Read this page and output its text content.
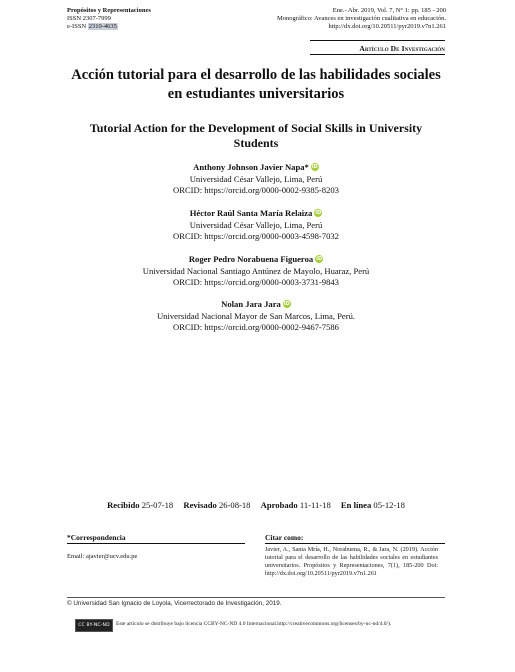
Propósitos y Representaciones
ISSN 2307-7999
e-ISSN 2310-4635
Ene.- Abr. 2019, Vol. 7, N° 1: pp. 185 - 200
Monográfico: Avances en investigación cualitativa en educación.
http://dx.doi.org/10.20511/pyr2019.v7n1.261
Artículo De Investigación
Acción tutorial para el desarrollo de las habilidades sociales en estudiantes universitarios
Tutorial Action for the Development of Social Skills in University Students
Anthony Johnson Javier Napa* iD
Universidad César Vallejo, Lima, Perú
ORCID: https://orcid.org/0000-0002-9385-8203
Héctor Raúl Santa María Relaiza iD
Universidad César Vallejo, Lima, Perú
ORCID: https://orcid.org/0000-0003-4598-7032
Roger Pedro Norabuena Figueroa iD
Universidad Nacional Santiago Antúnez de Mayolo, Huaraz, Perú
ORCID: https://orcid.org/0000-0003-3731-9843
Nolan Jara Jara iD
Universidad Nacional Mayor de San Marcos, Lima, Perú.
ORCID: https://orcid.org/0000-0002-9467-7586
Recibido 25-07-18 Revisado 26-08-18 Aprobado 11-11-18 En línea 05-12-18
*Correspondencia
Email: ajavier@ucv.edu.pe
Citar como:
Javier, A., Santa Mría, H., Norabuena, R., & Jara, N. (2019). Acción tutorial para el desarrollo de las habilidades sociales en estudiantes universitarios. Propósitos y Representaciones, 7(1), 185-200 Doi: http://dx.doi.org/10.20511/pyr2019.v7n1.261
© Universidad San Ignacio de Loyola, Vicerrectorado de Investigación, 2019.
CC BY-NC-ND	Este artículo se distribuye bajo licencia CCBY-NC-ND 4.0 Internacional.http://creativecommons.org/licenses/by-nc-nd/4.0/).
